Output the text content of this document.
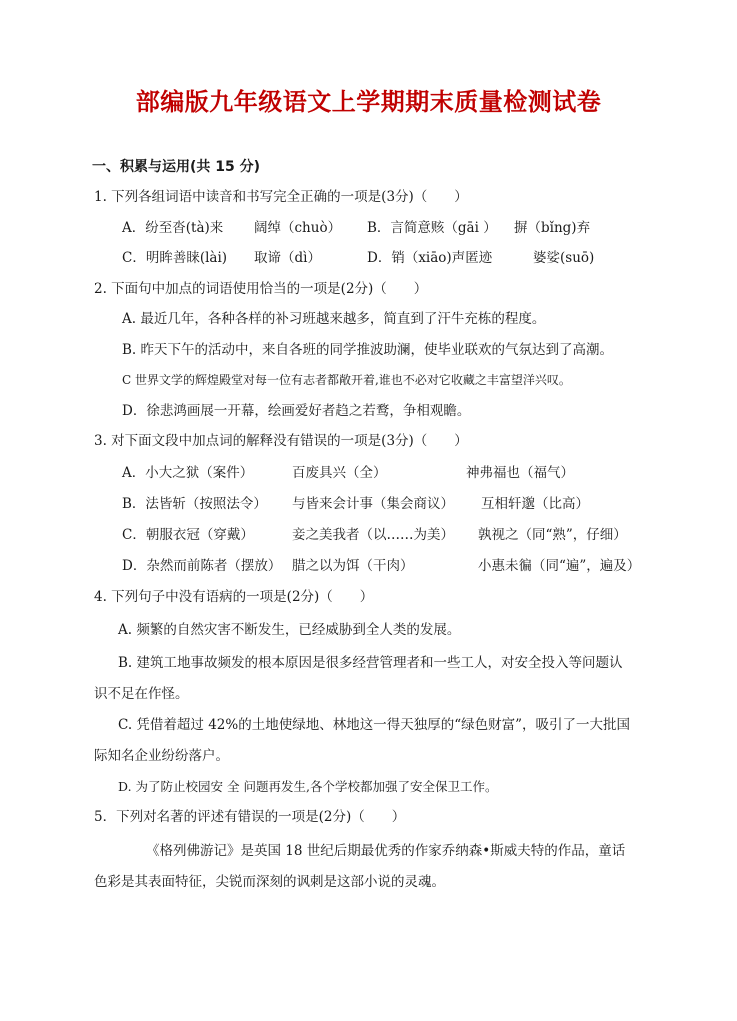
部编版九年级语文上学期期末质量检测试卷
一、积累与运用(共 15 分)
1. 下列各组词语中读音和书写完全正确的一项是(3分)（　　）
A．纷至沓(tà)来 阔绰（chuò） B．言简意赅（gāi ） 摒（bǐng)弃
C．明眸善睐(lài) 取谛（dì）	D．销（xiāo)声匿迹	婆娑(suō)
2. 下面句中加点的词语使用恰当的一项是(2分)（　　）
A. 最近几年，各种各样的补习班越来越多，简直到了汗牛充栋的程度。
B. 昨天下午的活动中，来自各班的同学推波助澜，使毕业联欢的气氛达到了高潮。
C 世界文学的辉煌殿堂对每一位有志者都敞开着,谁也不必对它收藏之丰富望洋兴叹。
D．徐悲鸿画展一开幕，绘画爱好者趋之若鹜，争相观瞻。
3. 对下面文段中加点词的解释没有错误的一项是(3分)（　　）
A．小大之狱（案件）	百废具兴（全）	神弗福也（福气）
B．法皆斩（按照法令） 与皆来会计事（集会商议） 互相轩邈（比高）
C．朝服衣冠（穿戴）	妾之美我者（以……为美） 孰视之（同“熟”，仔细）
D．杂然而前陈者（摆放） 腊之以为饵（干肉）	小惠未徧（同“遍”，遍及）
4. 下列句子中没有语病的一项是(2分)（　　）
A. 频繁的自然灾害不断发生，已经威胁到全人类的发展。
B. 建筑工地事故频发的根本原因是很多经营管理者和一些工人，对安全投入等问题认
识不足在作怪。
C. 凭借着超过 42%的土地使绿地、林地这一得天独厚的“绿色财富”，吸引了一大批国
际知名企业纷纷落户。
D. 为了防止校园安 全 问题再发生,各个学校都加强了安全保卫工作。
5．下列对名著的评述有错误的一项是(2分)（　　）
《格列佛游记》是英国 18 世纪后期最优秀的作家乔纳森•斯威夫特的作品，童话
色彩是其表面特征，尖锐而深刻的讽刺是这部小说的灵魂。
